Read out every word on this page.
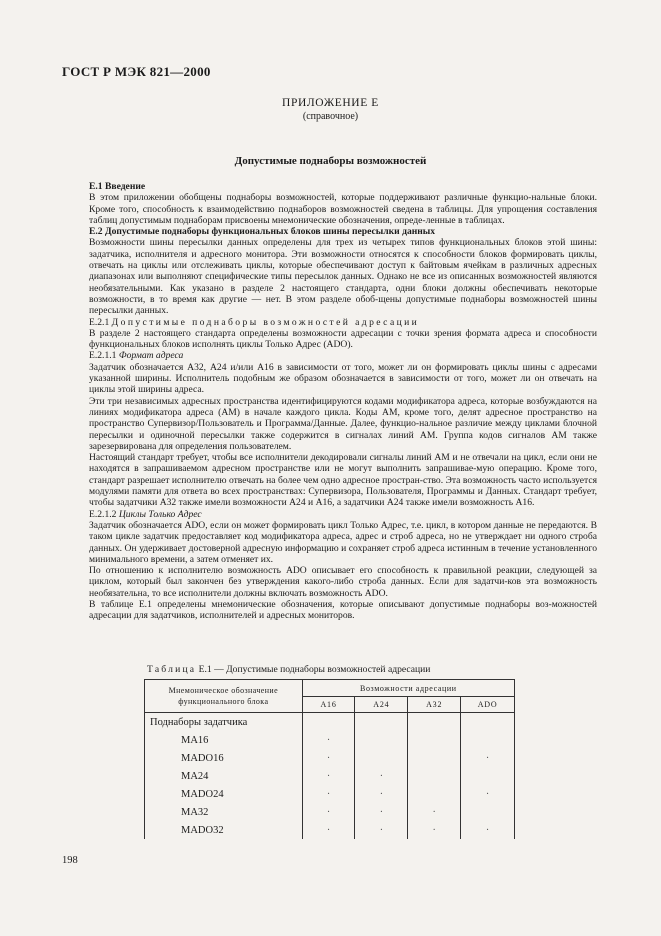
ГОСТ Р МЭК 821—2000
ПРИЛОЖЕНИЕ Е
(справочное)
Допустимые поднаборы возможностей

Е.1 Введение

В этом приложении обобщены поднаборы возможностей, которые поддерживают различные функцио-нальные блоки. Кроме того, способность к взаимодействию поднаборов возможностей сведена в таблицы. Для упрощения составления таблиц допустимым поднаборам присвоены мнемонические обозначения, опреде-ленные в таблицах.

Е.2 Допустимые поднаборы функциональных блоков шины пересылки данных

Возможности шины пересылки данных определены для трех из четырех типов функциональных блоков этой шины: задатчика, исполнителя и адресного монитора. Эти возможности относятся к способности блоков формировать циклы, отвечать на циклы или отслеживать циклы, которые обеспечивают доступ к байтовым ячейкам в различных адресных диапазонах или выполняют специфические типы пересылок данных. Однако не все из описанных возможностей являются необязательными. Как указано в разделе 2 настоящего стандарта, одни блоки должны обеспечивать некоторые возможности, в то время как другие — нет. В этом разделе обоб-щены допустимые поднаборы возможностей шины пересылки данных.

Е.2.1 Допустимые поднаборы возможностей адресации

В разделе 2 настоящего стандарта определены возможности адресации с точки зрения формата адреса и способности функциональных блоков исполнять циклы Только Адрес (ADO).

Е.2.1.1 Формат адреса

Задатчик обозначается А32, А24 и/или А16 в зависимости от того, может ли он формировать циклы шины с адресами указанной ширины. Исполнитель подобным же образом обозначается в зависимости от того, может ли он отвечать на циклы этой ширины адреса.

Эти три независимых адресных пространства идентифицируются кодами модификатора адреса, которые возбуждаются на линиях модификатора адреса (AM) в начале каждого цикла. Коды AM, кроме того, делят адресное пространство на пространство Супервизор/Пользователь и Программа/Данные. Далее, функцио-нальное различие между циклами блочной пересылки и одиночной пересылки также содержится в сигналах линий AM. Группа кодов сигналов AM также зарезервирована для определения пользователем.

Настоящий стандарт требует, чтобы все исполнители декодировали сигналы линий AM и не отвечали на цикл, если они не находятся в запрашиваемом адресном пространстве или не могут выполнить запрашивае-мую операцию. Кроме того, стандарт разрешает исполнителю отвечать на более чем одно адресное простран-ство. Эта возможность часто используется модулями памяти для ответа во всех пространствах: Супервизора, Пользователя, Программы и Данных. Стандарт требует, чтобы задатчики А32 также имели возможности А24 и А16, а задатчики А24 также имели возможность А16.

Е.2.1.2 Циклы Только Адрес

Задатчик обозначается ADO, если он может формировать цикл Только Адрес, т.е. цикл, в котором данные не передаются. В таком цикле задатчик предоставляет код модификатора адреса, адрес и строб адреса, но не утверждает ни одного строба данных. Он удерживает достоверной адресную информацию и сохраняет строб адреса истинным в течение установленного минимального времени, а затем отменяет их.

По отношению к исполнителю возможность ADO описывает его способность к правильной реакции, следующей за циклом, который был закончен без утверждения какого-либо строба данных. Если для задатчи-ков эта возможность необязательна, то все исполнители должны включать возможность ADO.

В таблице Е.1 определены мнемонические обозначения, которые описывают допустимые поднаборы воз-можностей адресации для задатчиков, исполнителей и адресных мониторов.

Таблица Е.1 — Допустимые поднаборы возможностей адресации
Мнемоническое обозначение функционального блока	Возможности адресации			
	А16	А24	А32	ADO
Поднаборы задатчика				
MA16	·			
MADO16	·			·
MA24	·	·		
MADO24	·	·		·
MA32	·	·	·	
MADO32	·	·	·	·
198
